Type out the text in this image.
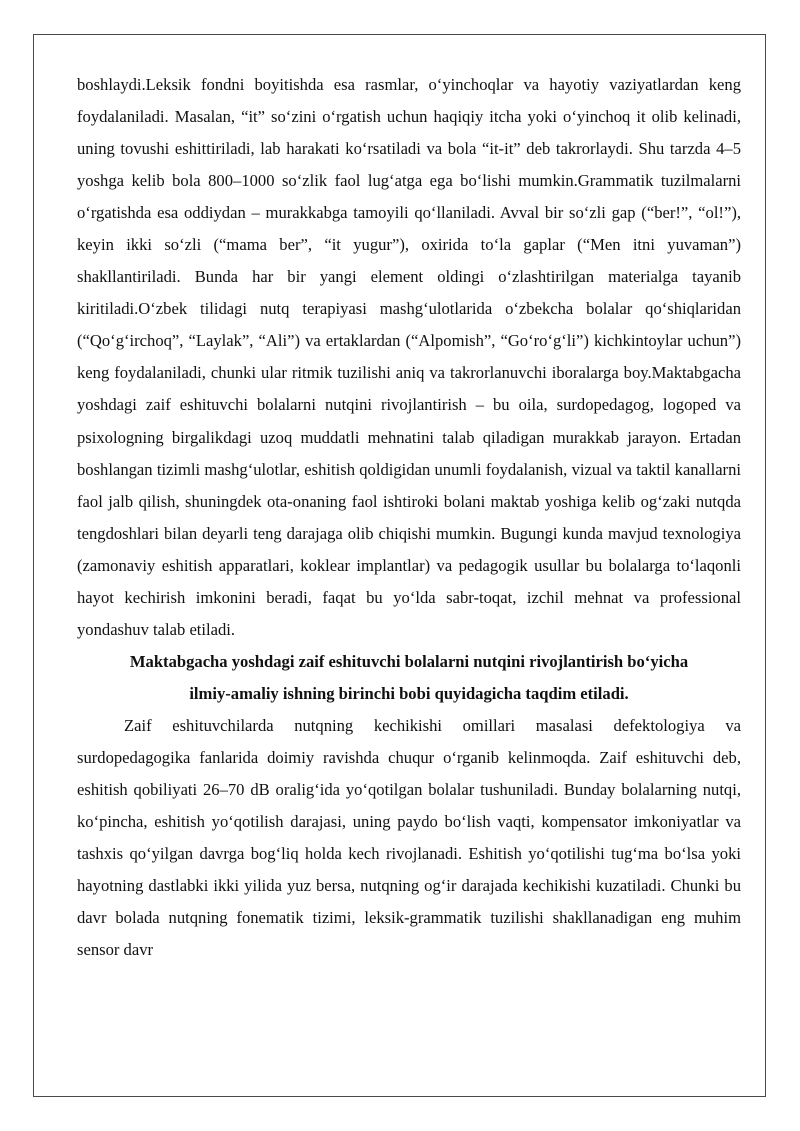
boshlaydi.Leksik fondni boyitishda esa rasmlar, o‘yinchoqlar va hayotiy vaziyatlardan keng foydalaniladi. Masalan, “it” so‘zini o‘rgatish uchun haqiqiy itcha yoki o‘yinchoq it olib kelinadi, uning tovushi eshittiriladi, lab harakati ko‘rsatiladi va bola “it-it” deb takrorlaydi. Shu tarzda 4–5 yoshga kelib bola 800–1000 so‘zlik faol lug‘atga ega bo‘lishi mumkin.Grammatik tuzilmalarni o‘rgatishda esa oddiydan – murakkabga tamoyili qo‘llaniladi. Avval bir so‘zli gap (“ber!”, “ol!”), keyin ikki so‘zli (“mama ber”, “it yugur”), oxirida to‘la gaplar (“Men itni yuvaman”) shakllantiriladi. Bunda har bir yangi element oldingi o‘zlashtirilgan materialga tayanib kiritiladi.O‘zbek tilidagi nutq terapiyasi mashg‘ulotlarida o‘zbekcha bolalar qo‘shiqlaridan (“Qo‘g‘irchoq”, “Laylak”, “Ali”) va ertaklardan (“Alpomish”, “Go‘ro‘g‘li”) kichkintoylar uchun”) keng foydalaniladi, chunki ular ritmik tuzilishi aniq va takrorlanuvchi iboralarga boy.Maktabgacha yoshdagi zaif eshituvchi bolalarni nutqini rivojlantirish – bu oila, surdopedagog, logoped va psixologning birgalikdagi uzoq muddatli mehnatini talab qiladigan murakkab jarayon. Ertadan boshlangan tizimli mashg‘ulotlar, eshitish qoldigidan unumli foydalanish, vizual va taktil kanallarni faol jalb qilish, shuningdek ota-onaning faol ishtiroki bolani maktab yoshiga kelib og‘zaki nutqda tengdoshlari bilan deyarli teng darajaga olib chiqishi mumkin. Bugungi kunda mavjud texnologiya (zamonaviy eshitish apparatlari, koklear implantlar) va pedagogik usullar bu bolalarga to‘laqonli hayot kechirish imkonini beradi, faqat bu yo‘lda sabr-toqat, izchil mehnat va professional yondashuv talab etiladi.

Maktabgacha yoshdagi zaif eshituvchi bolalarni nutqini rivojlantirish bo‘yicha
ilmiy-amaliy ishning birinchi bobi quyidagicha taqdim etiladi.

Zaif eshituvchilarda nutqning kechikishi omillari masalasi defektologiya va surdopedagogika fanlarida doimiy ravishda chuqur o‘rganib kelinmoqda. Zaif eshituvchi deb, eshitish qobiliyati 26–70 dB oralig‘ida yo‘qotilgan bolalar tushuniladi. Bunday bolalarning nutqi, ko‘pincha, eshitish yo‘qotilish darajasi, uning paydo bo‘lish vaqti, kompensator imkoniyatlar va tashxis qo‘yilgan davrga bog‘liq holda kech rivojlanadi. Eshitish yo‘qotilishi tug‘ma bo‘lsa yoki hayotning dastlabki ikki yilida yuz bersa, nutqning og‘ir darajada kechikishi kuzatiladi. Chunki bu davr bolada nutqning fonematik tizimi, leksik-grammatik tuzilishi shakllanadigan eng muhim sensor davr
